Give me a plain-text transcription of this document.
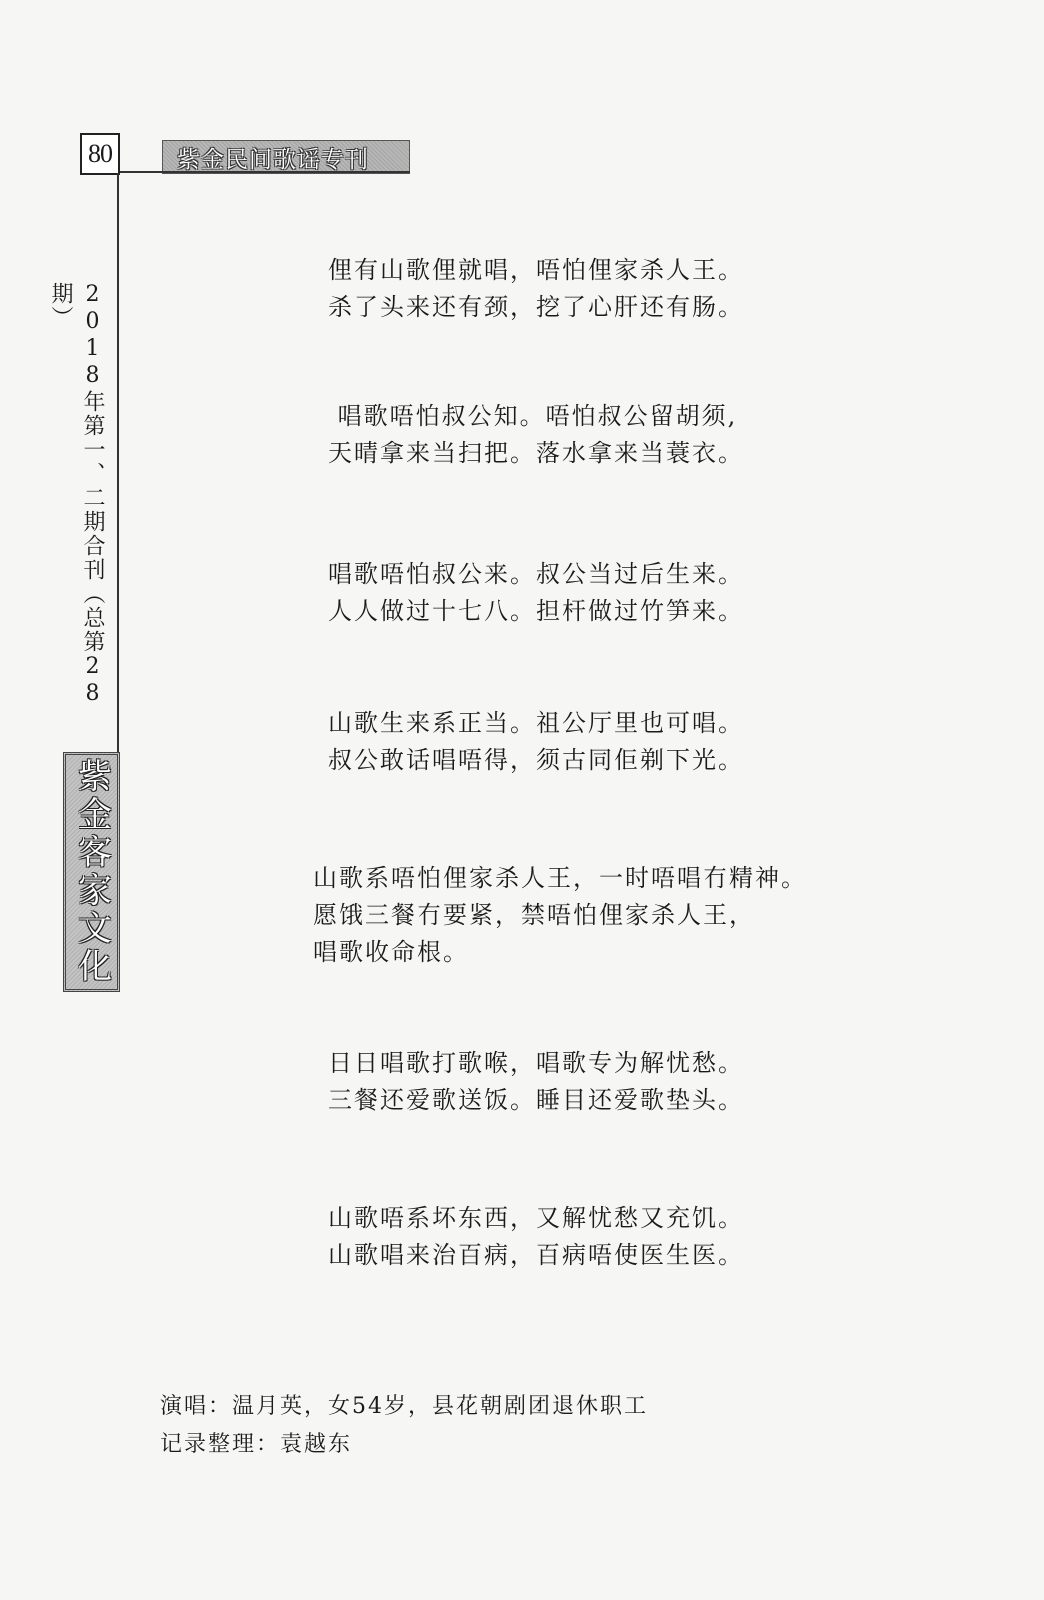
80	紫金民间歌谣专刊
2018年第一、二期合刊（总第28期）
紫金客家文化
俚有山歌俚就唱，唔怕俚家杀人王。
杀了头来还有颈，挖了心肝还有肠。
唱歌唔怕叔公知。唔怕叔公留胡须,
天晴拿来当扫把。落水拿来当蓑衣。
唱歌唔怕叔公来。叔公当过后生来。
人人做过十七八。担杆做过竹笋来。
山歌生来系正当。祖公厅里也可唱。
叔公敢话唱唔得，须古同佢剃下光。
山歌系唔怕俚家杀人王，一时唔唱冇精神。
愿饿三餐冇要紧，禁唔怕俚家杀人王，
唱歌收命根。
日日唱歌打歌喉，唱歌专为解忧愁。
三餐还爱歌送饭。睡目还爱歌垫头。
山歌唔系坏东西，又解忧愁又充饥。
山歌唱来治百病，百病唔使医生医。
演唱：温月英，女54岁，县花朝剧团退休职工
记录整理：袁越东
